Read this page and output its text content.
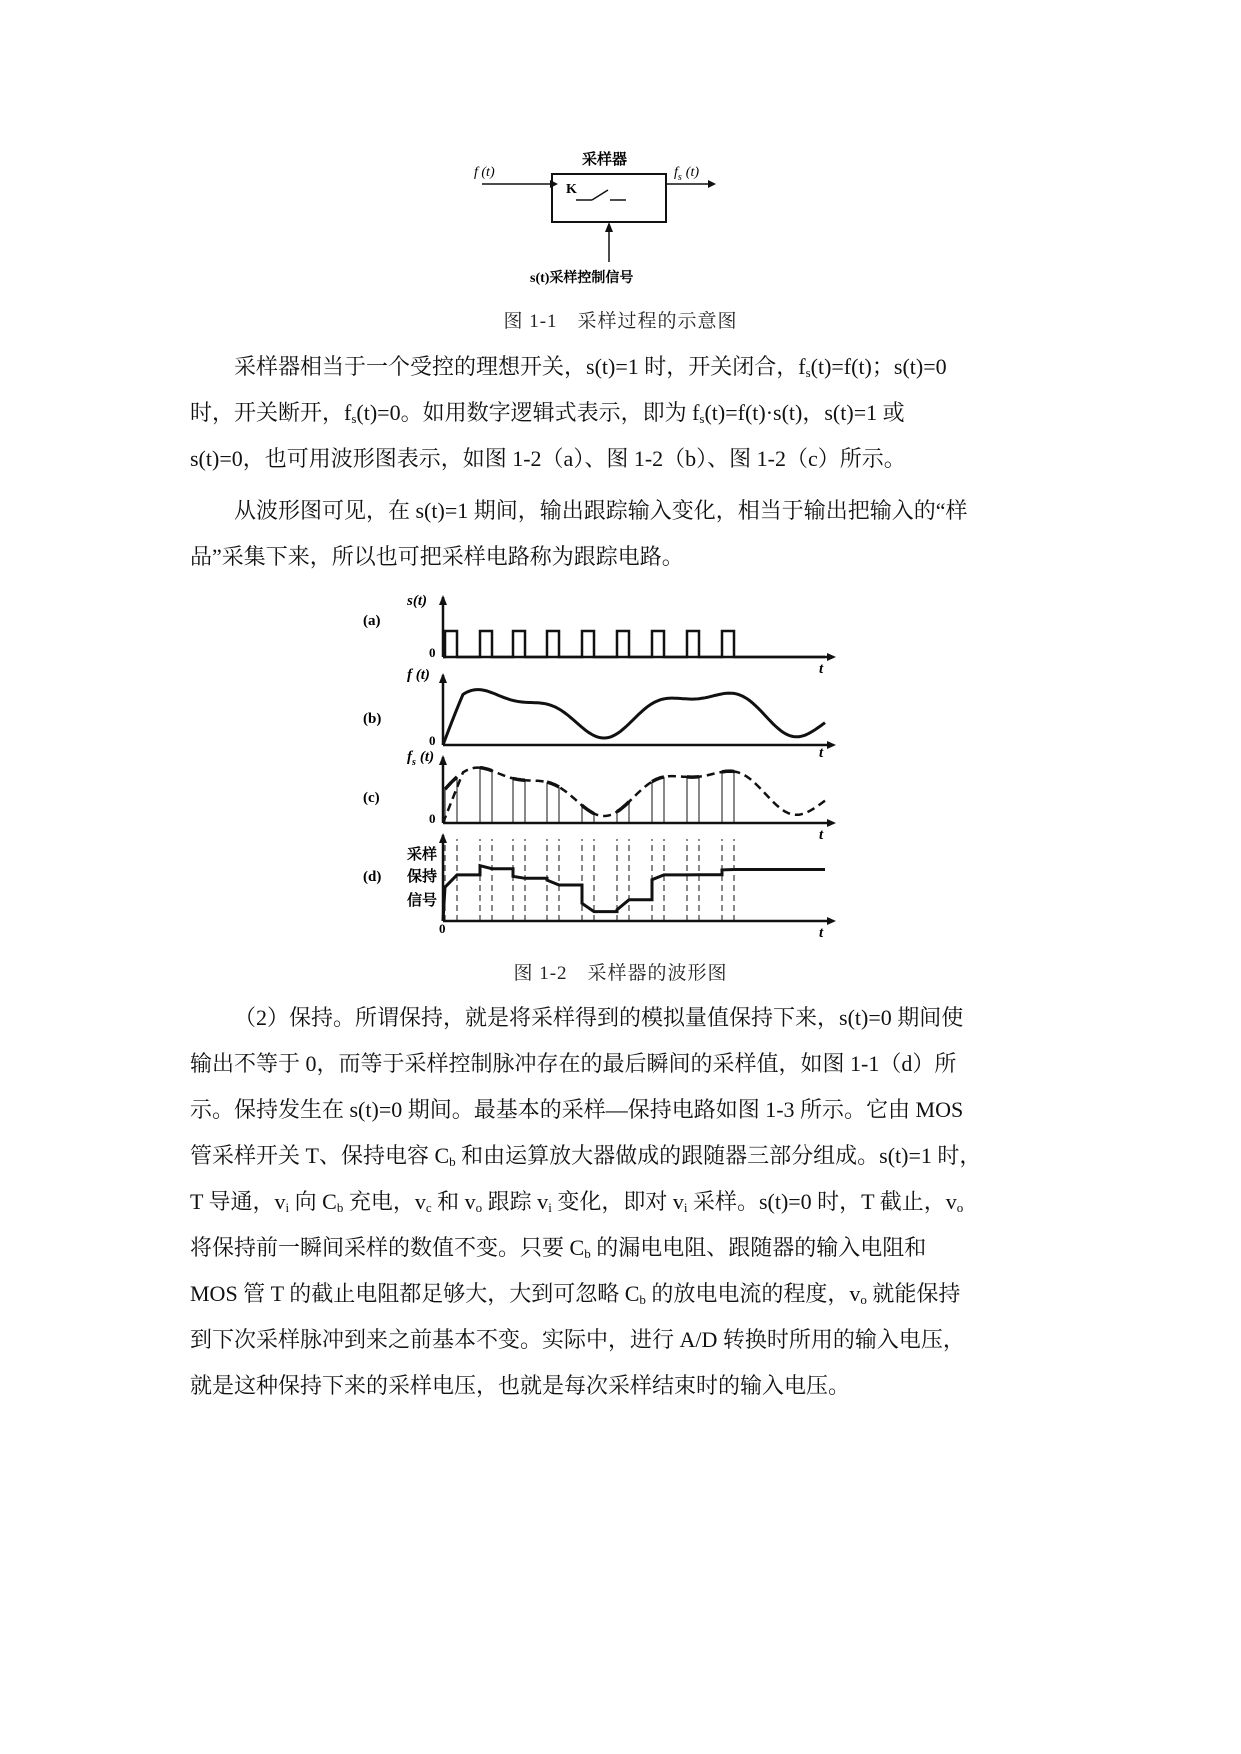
采样器
K
f (t)	$f_s$ (t)
s(t)采样控制信号
图 1-1　采样过程的示意图

采样器相当于一个受控的理想开关，s(t)=1 时，开关闭合，$f_s(t)=f(t)$；s(t)=0
时，开关断开，$f_s(t)=0$。如用数字逻辑式表示，即为 $f_s(t)=f(t)\cdot s(t)$，s(t)=1 或
s(t)=0，也可用波形图表示，如图 1-2（a）、图 1-2（b）、图 1-2（c）所示。

从波形图可见，在 s(t)=1 期间，输出跟踪输入变化，相当于输出把输入的“样
品”采集下来，所以也可把采样电路称为跟踪电路。

(a)
s(t)
0
t
(b)
f (t)
0
t
(c)
$f_s$ (t)
0
t
(d)
采样
保持
信号
0	t
图 1-2　采样器的波形图

（2）保持。所谓保持，就是将采样得到的模拟量值保持下来，s(t)=0 期间使
输出不等于 0，而等于采样控制脉冲存在的最后瞬间的采样值，如图 1-1（d）所
示。保持发生在 s(t)=0 期间。最基本的采样—保持电路如图 1-3 所示。它由 MOS
管采样开关 T、保持电容 $C_b$ 和由运算放大器做成的跟随器三部分组成。s(t)=1 时，
T 导通，$v_i$ 向 $C_b$ 充电，$v_c$ 和 $v_o$ 跟踪 $v_i$ 变化，即对 $v_i$ 采样。s(t)=0 时，T 截止，$v_o$
将保持前一瞬间采样的数值不变。只要 $C_b$ 的漏电电阻、跟随器的输入电阻和
MOS 管 T 的截止电阻都足够大，大到可忽略 $C_b$ 的放电电流的程度，$v_o$ 就能保持
到下次采样脉冲到来之前基本不变。实际中，进行 A/D 转换时所用的输入电压，
就是这种保持下来的采样电压，也就是每次采样结束时的输入电压。
